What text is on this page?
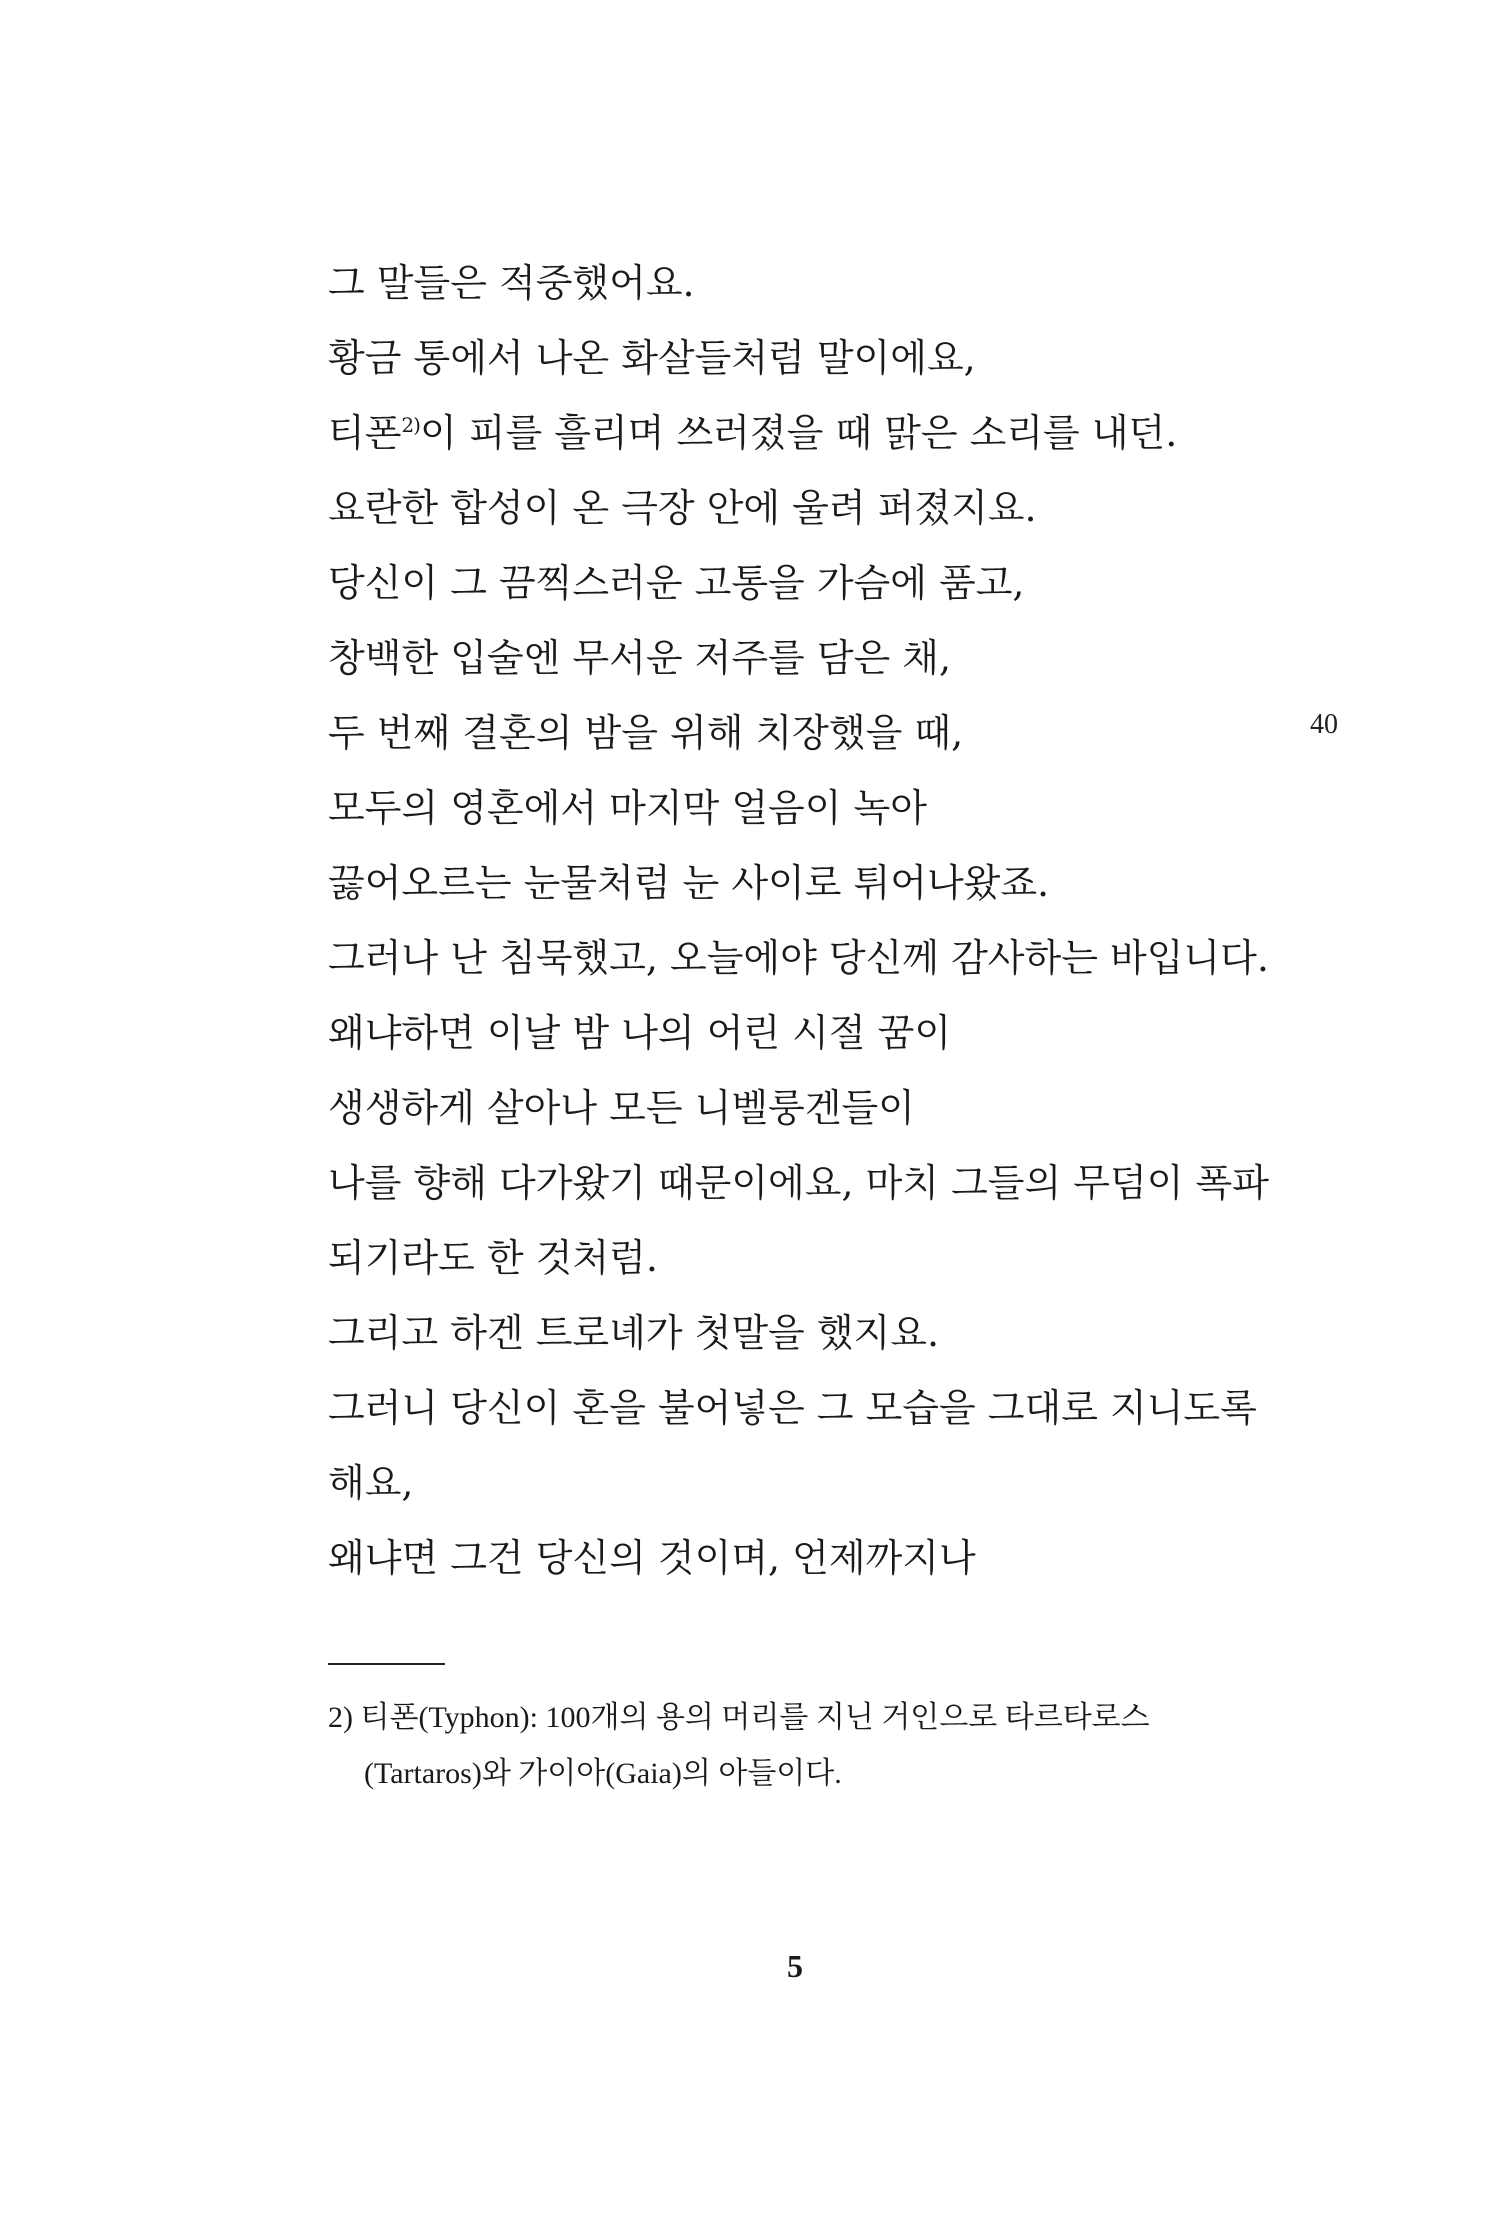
그 말들은 적중했어요.
황금 통에서 나온 화살들처럼 말이에요,
티폰$^{2)}$이 피를 흘리며 쓰러졌을 때 맑은 소리를 내던.
요란한 합성이 온 극장 안에 울려 퍼졌지요.
당신이 그 끔찍스러운 고통을 가슴에 품고,
창백한 입술엔 무서운 저주를 담은 채,
두 번째 결혼의 밤을 위해 치장했을 때,
모두의 영혼에서 마지막 얼음이 녹아
끓어오르는 눈물처럼 눈 사이로 튀어나왔죠.
그러나 난 침묵했고, 오늘에야 당신께 감사하는 바입니다.
왜냐하면 이날 밤 나의 어린 시절 꿈이
생생하게 살아나 모든 니벨룽겐들이
나를 향해 다가왔기 때문이에요, 마치 그들의 무덤이 폭파
되기라도 한 것처럼.
그리고 하겐 트로녜가 첫말을 했지요.
그러니 당신이 혼을 불어넣은 그 모습을 그대로 지니도록
해요,
왜냐면 그건 당신의 것이며, 언제까지나
40
2) 티폰(Typhon): 100개의 용의 머리를 지닌 거인으로 타르타로스
(Tartaros)와 가이아(Gaia)의 아들이다.
5
